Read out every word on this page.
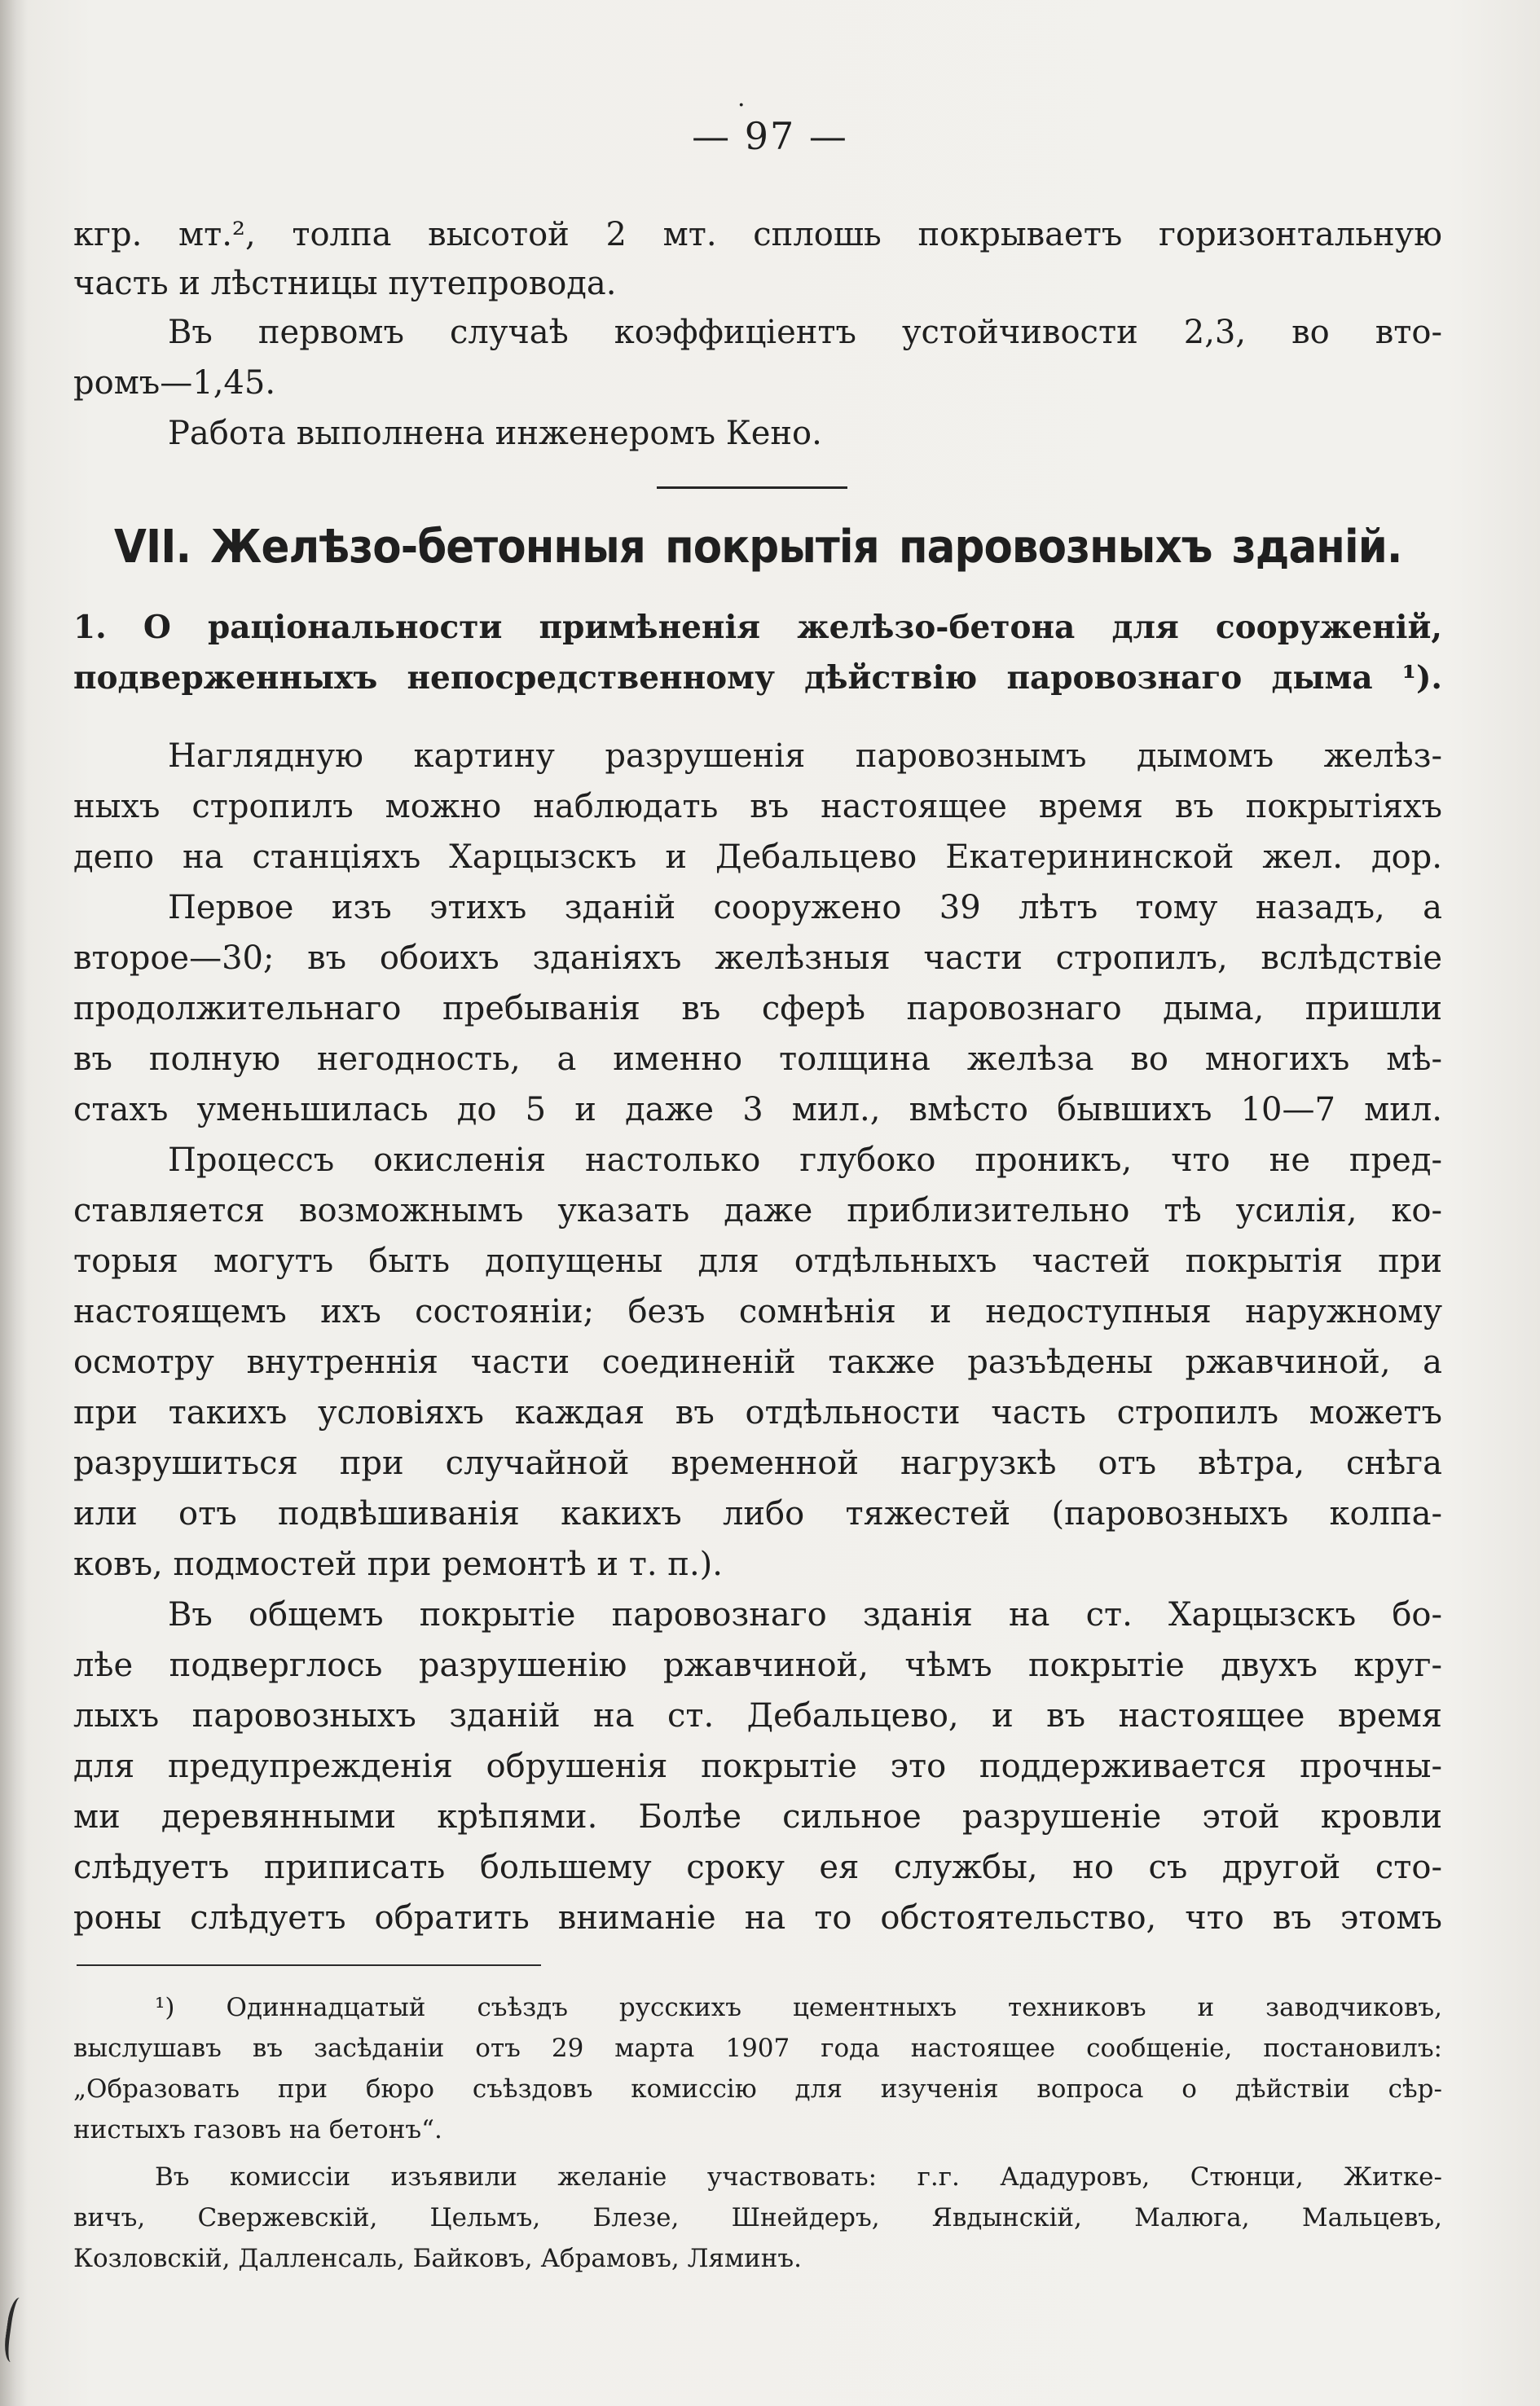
·
— 97 —
кгр. мт.², толпа высотой 2 мт. сплошь покрываетъ горизонтальную
часть и лѣстницы путепровода.
Въ первомъ случаѣ коэффиціентъ устойчивости 2,3, во вто-
ромъ—1,45.
Работа выполнена инженеромъ Кено.
VII. Желѣзо-бетонныя покрытія паровозныхъ зданій.
1. О раціональности примѣненія желѣзо-бетона для сооруженій,
подверженныхъ непосредственному дѣйствію паровознаго дыма ¹).
Наглядную картину разрушенія паровознымъ дымомъ желѣз-
ныхъ стропилъ можно наблюдать въ настоящее время въ покрытіяхъ
депо на станціяхъ Харцызскъ и Дебальцево Екатерининской жел. дор.
Первое изъ этихъ зданій сооружено 39 лѣтъ тому назадъ, а
второе—30; въ обоихъ зданіяхъ желѣзныя части стропилъ, вслѣдствіе
продолжительнаго пребыванія въ сферѣ паровознаго дыма, пришли
въ полную негодность, а именно толщина желѣза во многихъ мѣ-
стахъ уменьшилась до 5 и даже 3 мил., вмѣсто бывшихъ 10—7 мил.
Процессъ окисленія настолько глубоко проникъ, что не пред-
ставляется возможнымъ указать даже приблизительно тѣ усилія, ко-
торыя могутъ быть допущены для отдѣльныхъ частей покрытія при
настоящемъ ихъ состояніи; безъ сомнѣнія и недоступныя наружному
осмотру внутреннія части соединеній также разъѣдены ржавчиной, а
при такихъ условіяхъ каждая въ отдѣльности часть стропилъ можетъ
разрушиться при случайной временной нагрузкѣ отъ вѣтра, снѣга
или отъ подвѣшиванія какихъ либо тяжестей (паровозныхъ колпа-
ковъ, подмостей при ремонтѣ и т. п.).
Въ общемъ покрытіе паровознаго зданія на ст. Харцызскъ бо-
лѣе подверглось разрушенію ржавчиной, чѣмъ покрытіе двухъ круг-
лыхъ паровозныхъ зданій на ст. Дебальцево, и въ настоящее время
для предупрежденія обрушенія покрытіе это поддерживается прочны-
ми деревянными крѣпями. Болѣе сильное разрушеніе этой кровли
слѣдуетъ приписать большему сроку ея службы, но съ другой сто-
роны слѣдуетъ обратить вниманіе на то обстоятельство, что въ этомъ
¹) Одиннадцатый съѣздъ русскихъ цементныхъ техниковъ и заводчиковъ,
выслушавъ въ засѣданіи отъ 29 марта 1907 года настоящее сообщеніе, постановилъ:
„Образовать при бюро съѣздовъ комиссію для изученія вопроса о дѣйствіи сѣр-
нистыхъ газовъ на бетонъ“.
Въ комиссіи изъявили желаніе участвовать: г.г. Ададуровъ, Стюнци, Житке-
вичъ, Свержевскій, Цельмъ, Блезе, Шнейдеръ, Явдынскій, Малюга, Мальцевъ,
Козловскій, Далленсаль, Байковъ, Абрамовъ, Ляминъ.
